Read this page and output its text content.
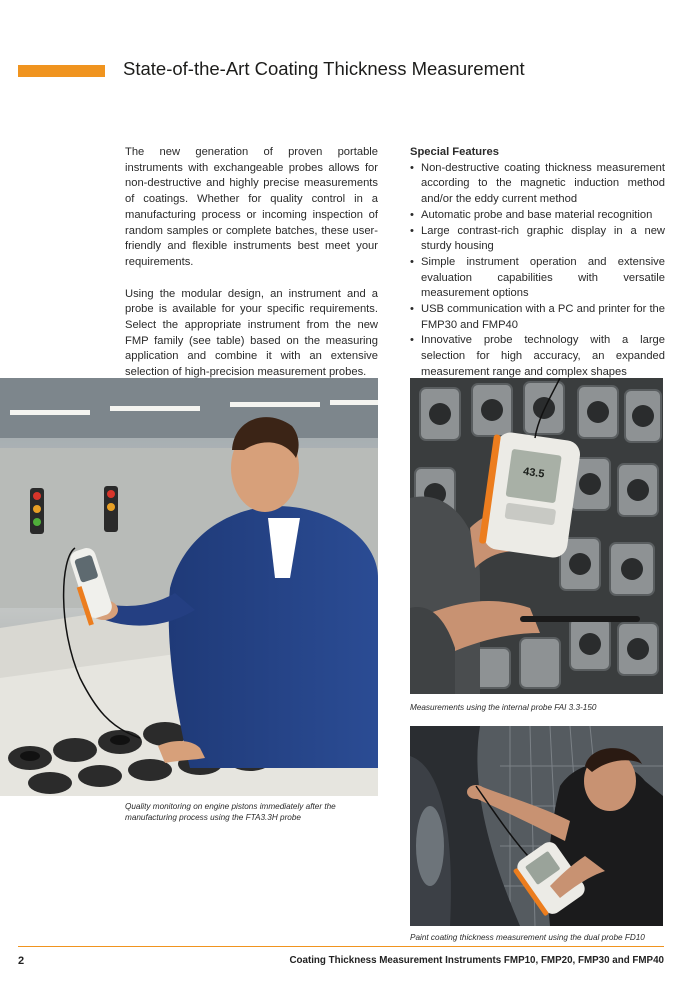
State-of-the-Art Coating Thickness Measurement

The new generation of proven portable instruments with exchangeable probes allows for non-destructive and highly precise measurements of coatings. Whether for quality control in a manufacturing process or incoming inspection of random samples or complete batches, these user-friendly and flexible instruments best meet your requirements.

Using the modular design, an instrument and a probe is available for your specific requirements. Select the appropriate instrument from the new FMP family (see table) based on the measuring application and combine it with an extensive selection of high-precision measurement probes.

Special Features

• Non-destructive coating thickness measurement according to the magnetic induction method and/or the eddy current method
• Automatic probe and base material recognition
• Large contrast-rich graphic display in a new sturdy housing
• Simple instrument operation and extensive evaluation capabilities with versatile measurement options
• USB communication with a PC and printer for the FMP30 and FMP40
• Innovative probe technology with a large selection for high accuracy, an expanded measurement range and complex shapes
43.5
Quality monitoring on engine pistons immediately after the manufacturing process using the FTA3.3H probe
Measurements using the internal probe FAI 3.3-150
Paint coating thickness measurement using the dual probe FD10
2	Coating Thickness Measurement Instruments FMP10, FMP20, FMP30 and FMP40
